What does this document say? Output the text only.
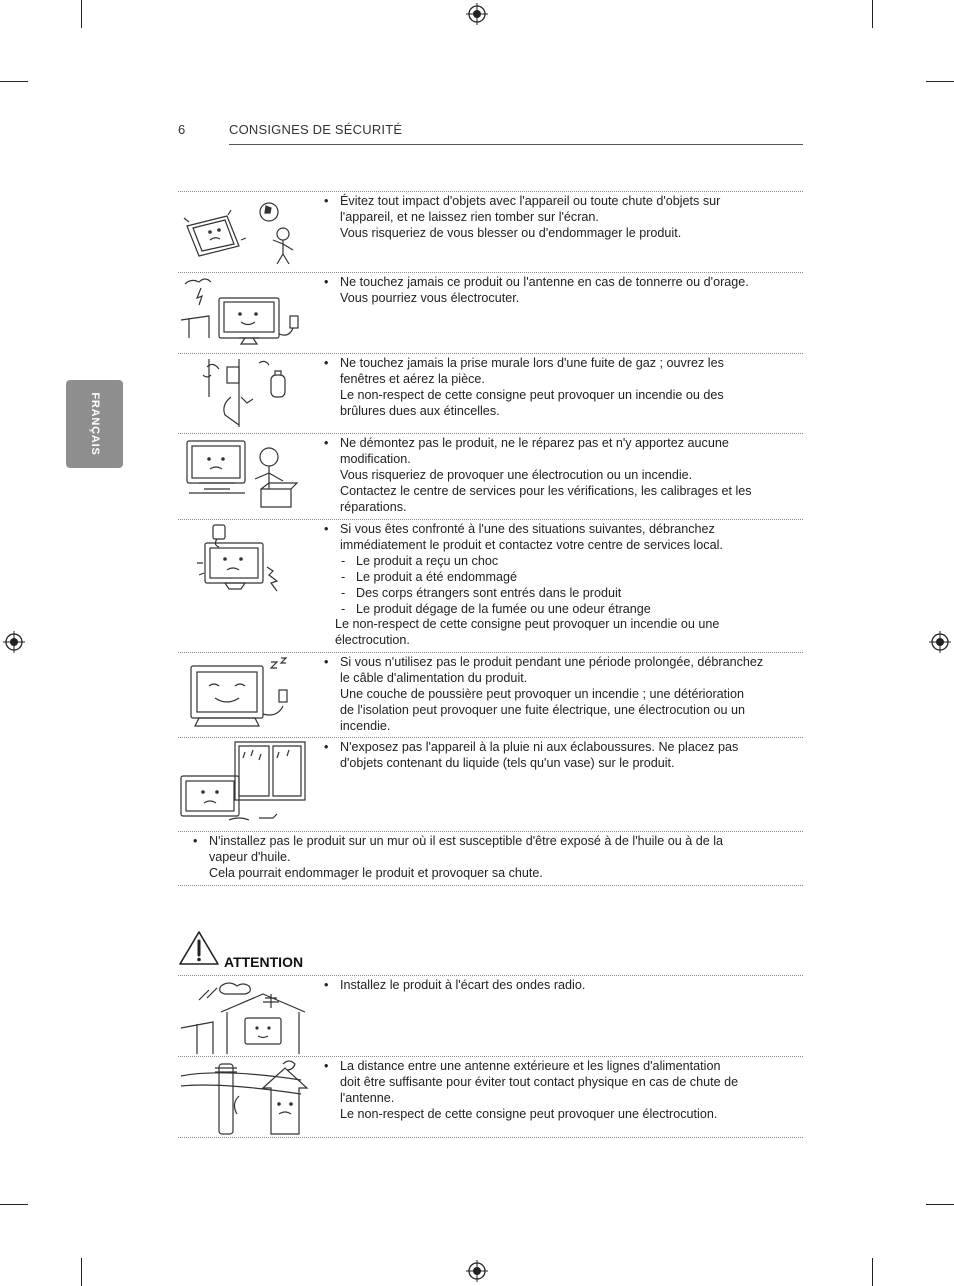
6	CONSIGNES DE SÉCURITÉ
FRANÇAIS
• Évitez tout impact d'objets avec l'appareil ou toute chute d'objets sur
l'appareil, et ne laissez rien tomber sur l'écran.
Vous risqueriez de vous blesser ou d'endommager le produit.
• Ne touchez jamais ce produit ou l'antenne en cas de tonnerre ou d'orage.
Vous pourriez vous électrocuter.
• Ne touchez jamais la prise murale lors d'une fuite de gaz ; ouvrez les
fenêtres et aérez la pièce.
Le non-respect de cette consigne peut provoquer un incendie ou des
brûlures dues aux étincelles.
• Ne démontez pas le produit, ne le réparez pas et n'y apportez aucune
modification.
Vous risqueriez de provoquer une électrocution ou un incendie.
Contactez le centre de services pour les vérifications, les calibrages et les
réparations.
• Si vous êtes confronté à l'une des situations suivantes, débranchez
immédiatement le produit et contactez votre centre de services local.
- Le produit a reçu un choc
- Le produit a été endommagé
- Des corps étrangers sont entrés dans le produit
- Le produit dégage de la fumée ou une odeur étrange
Le non-respect de cette consigne peut provoquer un incendie ou une
électrocution.
• Si vous n'utilisez pas le produit pendant une période prolongée, débranchez
le câble d'alimentation du produit.
Une couche de poussière peut provoquer un incendie ; une détérioration
de l'isolation peut provoquer une fuite électrique, une électrocution ou un
incendie.
• N'exposez pas l'appareil à la pluie ni aux éclaboussures. Ne placez pas
d'objets contenant du liquide (tels qu'un vase) sur le produit.
• N'installez pas le produit sur un mur où il est susceptible d'être exposé à de l'huile ou à de la
vapeur d'huile.
Cela pourrait endommager le produit et provoquer sa chute.
ATTENTION
• Installez le produit à l'écart des ondes radio.
• La distance entre une antenne extérieure et les lignes d'alimentation
doit être suffisante pour éviter tout contact physique en cas de chute de
l'antenne.
Le non-respect de cette consigne peut provoquer une électrocution.
